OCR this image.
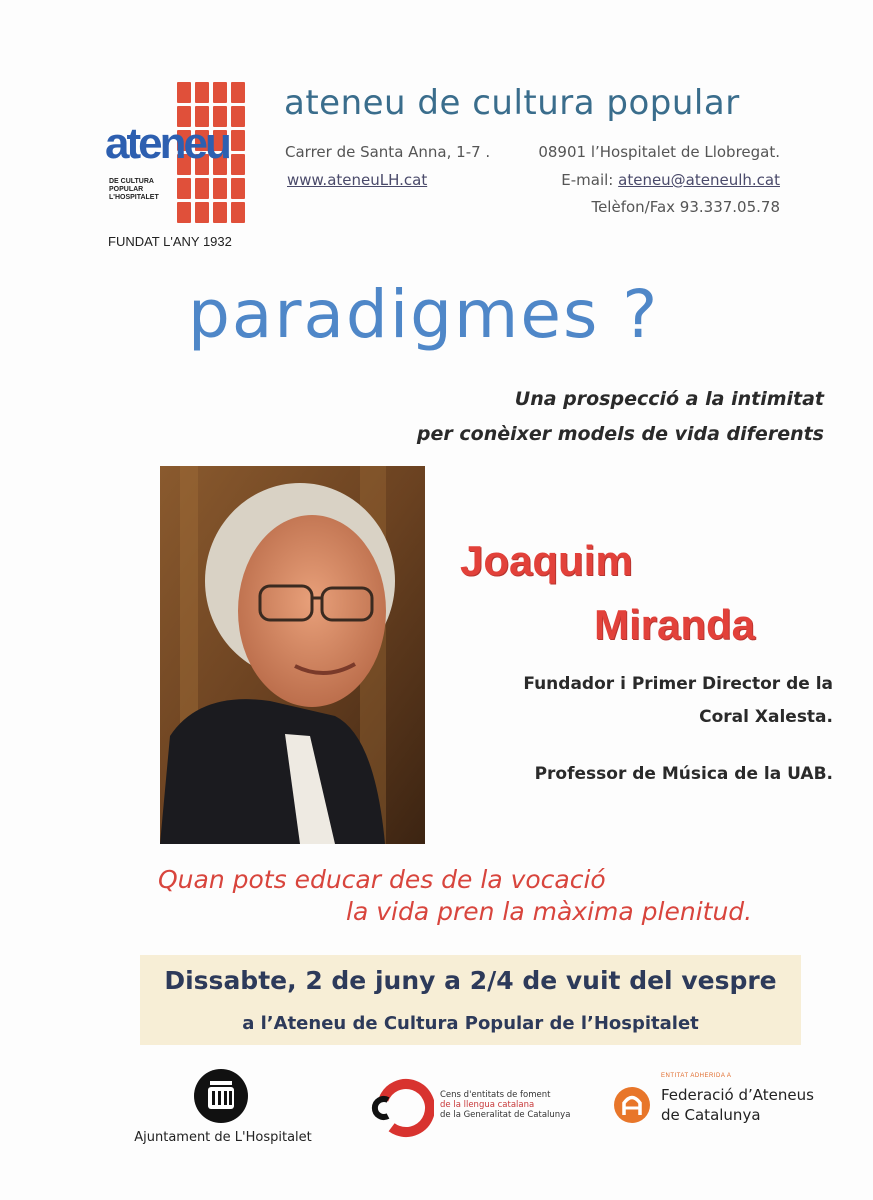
ateneu
DE CULTURA
POPULAR
L'HOSPITALET
FUNDAT L'ANY 1932
ateneu de cultura popular
Carrer de Santa Anna, 1-7 .	08901 l’Hospitalet de Llobregat.
www.ateneuLH.cat	E-mail: ateneu@ateneulh.cat
Telèfon/Fax 93.337.05.78
paradigmes ?
Una prospecció a la intimitat
per conèixer models de vida diferents
Joaquim
Miranda
Fundador i Primer Director de la
Coral Xalesta.
Professor de Música de la UAB.
Quan pots educar des de la vocació
la vida pren la màxima plenitud.
Dissabte, 2 de juny a 2/4 de vuit del vespre
a l’Ateneu de Cultura Popular de l’Hospitalet
Ajuntament de L'Hospitalet
Cens d'entitats de foment
de la llengua catalana
de la Generalitat de Catalunya
ENTITAT ADHERIDA A
Federació d’Ateneus
de Catalunya
